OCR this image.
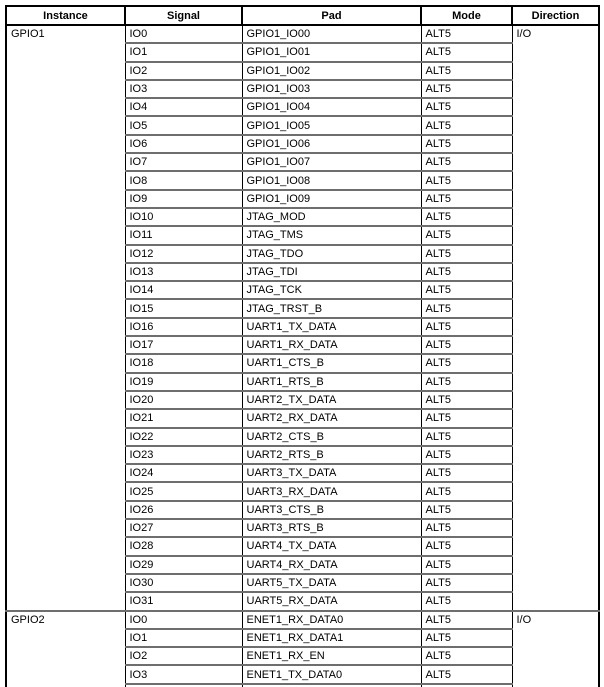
Instance	Signal	Pad	Mode	Direction
GPIO1	IO0	GPIO1_IO00	ALT5	I/O
	IO1	GPIO1_IO01	ALT5	
	IO2	GPIO1_IO02	ALT5	
	IO3	GPIO1_IO03	ALT5	
	IO4	GPIO1_IO04	ALT5	
	IO5	GPIO1_IO05	ALT5	
	IO6	GPIO1_IO06	ALT5	
	IO7	GPIO1_IO07	ALT5	
	IO8	GPIO1_IO08	ALT5	
	IO9	GPIO1_IO09	ALT5	
	IO10	JTAG_MOD	ALT5	
	IO11	JTAG_TMS	ALT5	
	IO12	JTAG_TDO	ALT5	
	IO13	JTAG_TDI	ALT5	
	IO14	JTAG_TCK	ALT5	
	IO15	JTAG_TRST_B	ALT5	
	IO16	UART1_TX_DATA	ALT5	
	IO17	UART1_RX_DATA	ALT5	
	IO18	UART1_CTS_B	ALT5	
	IO19	UART1_RTS_B	ALT5	
	IO20	UART2_TX_DATA	ALT5	
	IO21	UART2_RX_DATA	ALT5	
	IO22	UART2_CTS_B	ALT5	
	IO23	UART2_RTS_B	ALT5	
	IO24	UART3_TX_DATA	ALT5	
	IO25	UART3_RX_DATA	ALT5	
	IO26	UART3_CTS_B	ALT5	
	IO27	UART3_RTS_B	ALT5	
	IO28	UART4_TX_DATA	ALT5	
	IO29	UART4_RX_DATA	ALT5	
	IO30	UART5_TX_DATA	ALT5	
	IO31	UART5_RX_DATA	ALT5	
GPIO2	IO0	ENET1_RX_DATA0	ALT5	I/O
	IO1	ENET1_RX_DATA1	ALT5	
	IO2	ENET1_RX_EN	ALT5	
	IO3	ENET1_TX_DATA0	ALT5	
